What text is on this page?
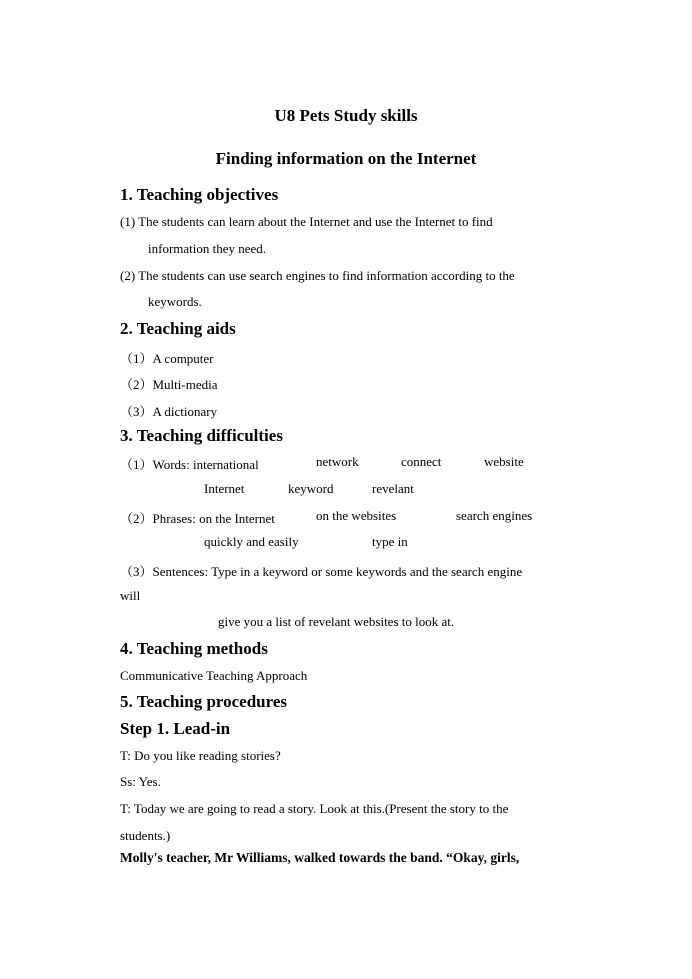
U8 Pets Study skills
Finding information on the Internet
1. Teaching objectives
(1) The students can learn about the Internet and use the Internet to find
information they need.
(2) The students can use search engines to find information according to the
keywords.
2. Teaching aids
（1）A computer
（2）Multi-media
（3）A dictionary
3. Teaching difficulties
（1）Words: international	network	connect	website
Internet	keyword	revelant
（2）Phrases: on the Internet	on the websites	search engines
quickly and easily	type in
（3）Sentences: Type in a keyword or some keywords and the search engine
will
give you a list of revelant websites to look at.
4. Teaching methods
Communicative Teaching Approach
5. Teaching procedures
Step 1. Lead-in
T: Do you like reading stories?
Ss: Yes.
T: Today we are going to read a story. Look at this.(Present the story to the
students.)
Molly's teacher, Mr Williams, walked towards the band. “Okay, girls,
